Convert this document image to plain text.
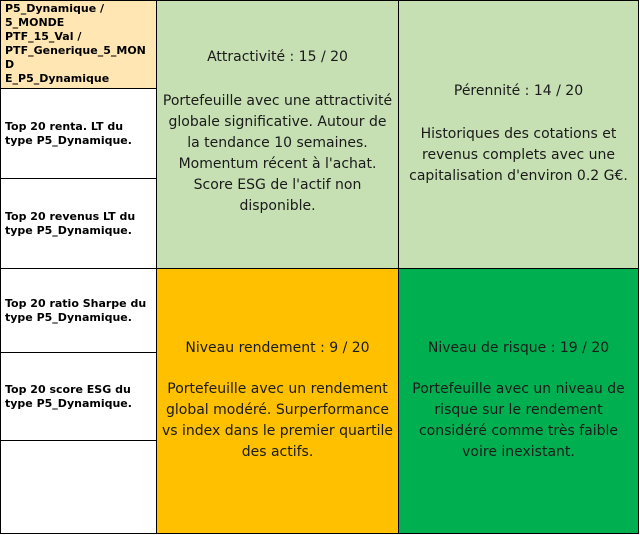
P5_Dynamique /
5_MONDE
PTF_15_Val /
PTF_Generique_5_MOND
E_P5_Dynamique
Top 20 renta. LT du type P5_Dynamique.
Top 20 revenus LT du type P5_Dynamique.
Top 20 ratio Sharpe du type P5_Dynamique.
Top 20 score ESG du type P5_Dynamique.
Attractivité : 15 / 20
Portefeuille avec une attractivité globale significative. Autour de la tendance 10 semaines. Momentum récent à l'achat. Score ESG de l'actif non disponible.
Pérennité : 14 / 20
Historiques des cotations et revenus complets avec une capitalisation d'environ 0.2 G€.
Niveau rendement : 9 / 20
Portefeuille avec un rendement global modéré. Surperformance vs index dans le premier quartile des actifs.
Niveau de risque : 19 / 20
Portefeuille avec un niveau de risque sur le rendement considéré comme très faible voire inexistant.
